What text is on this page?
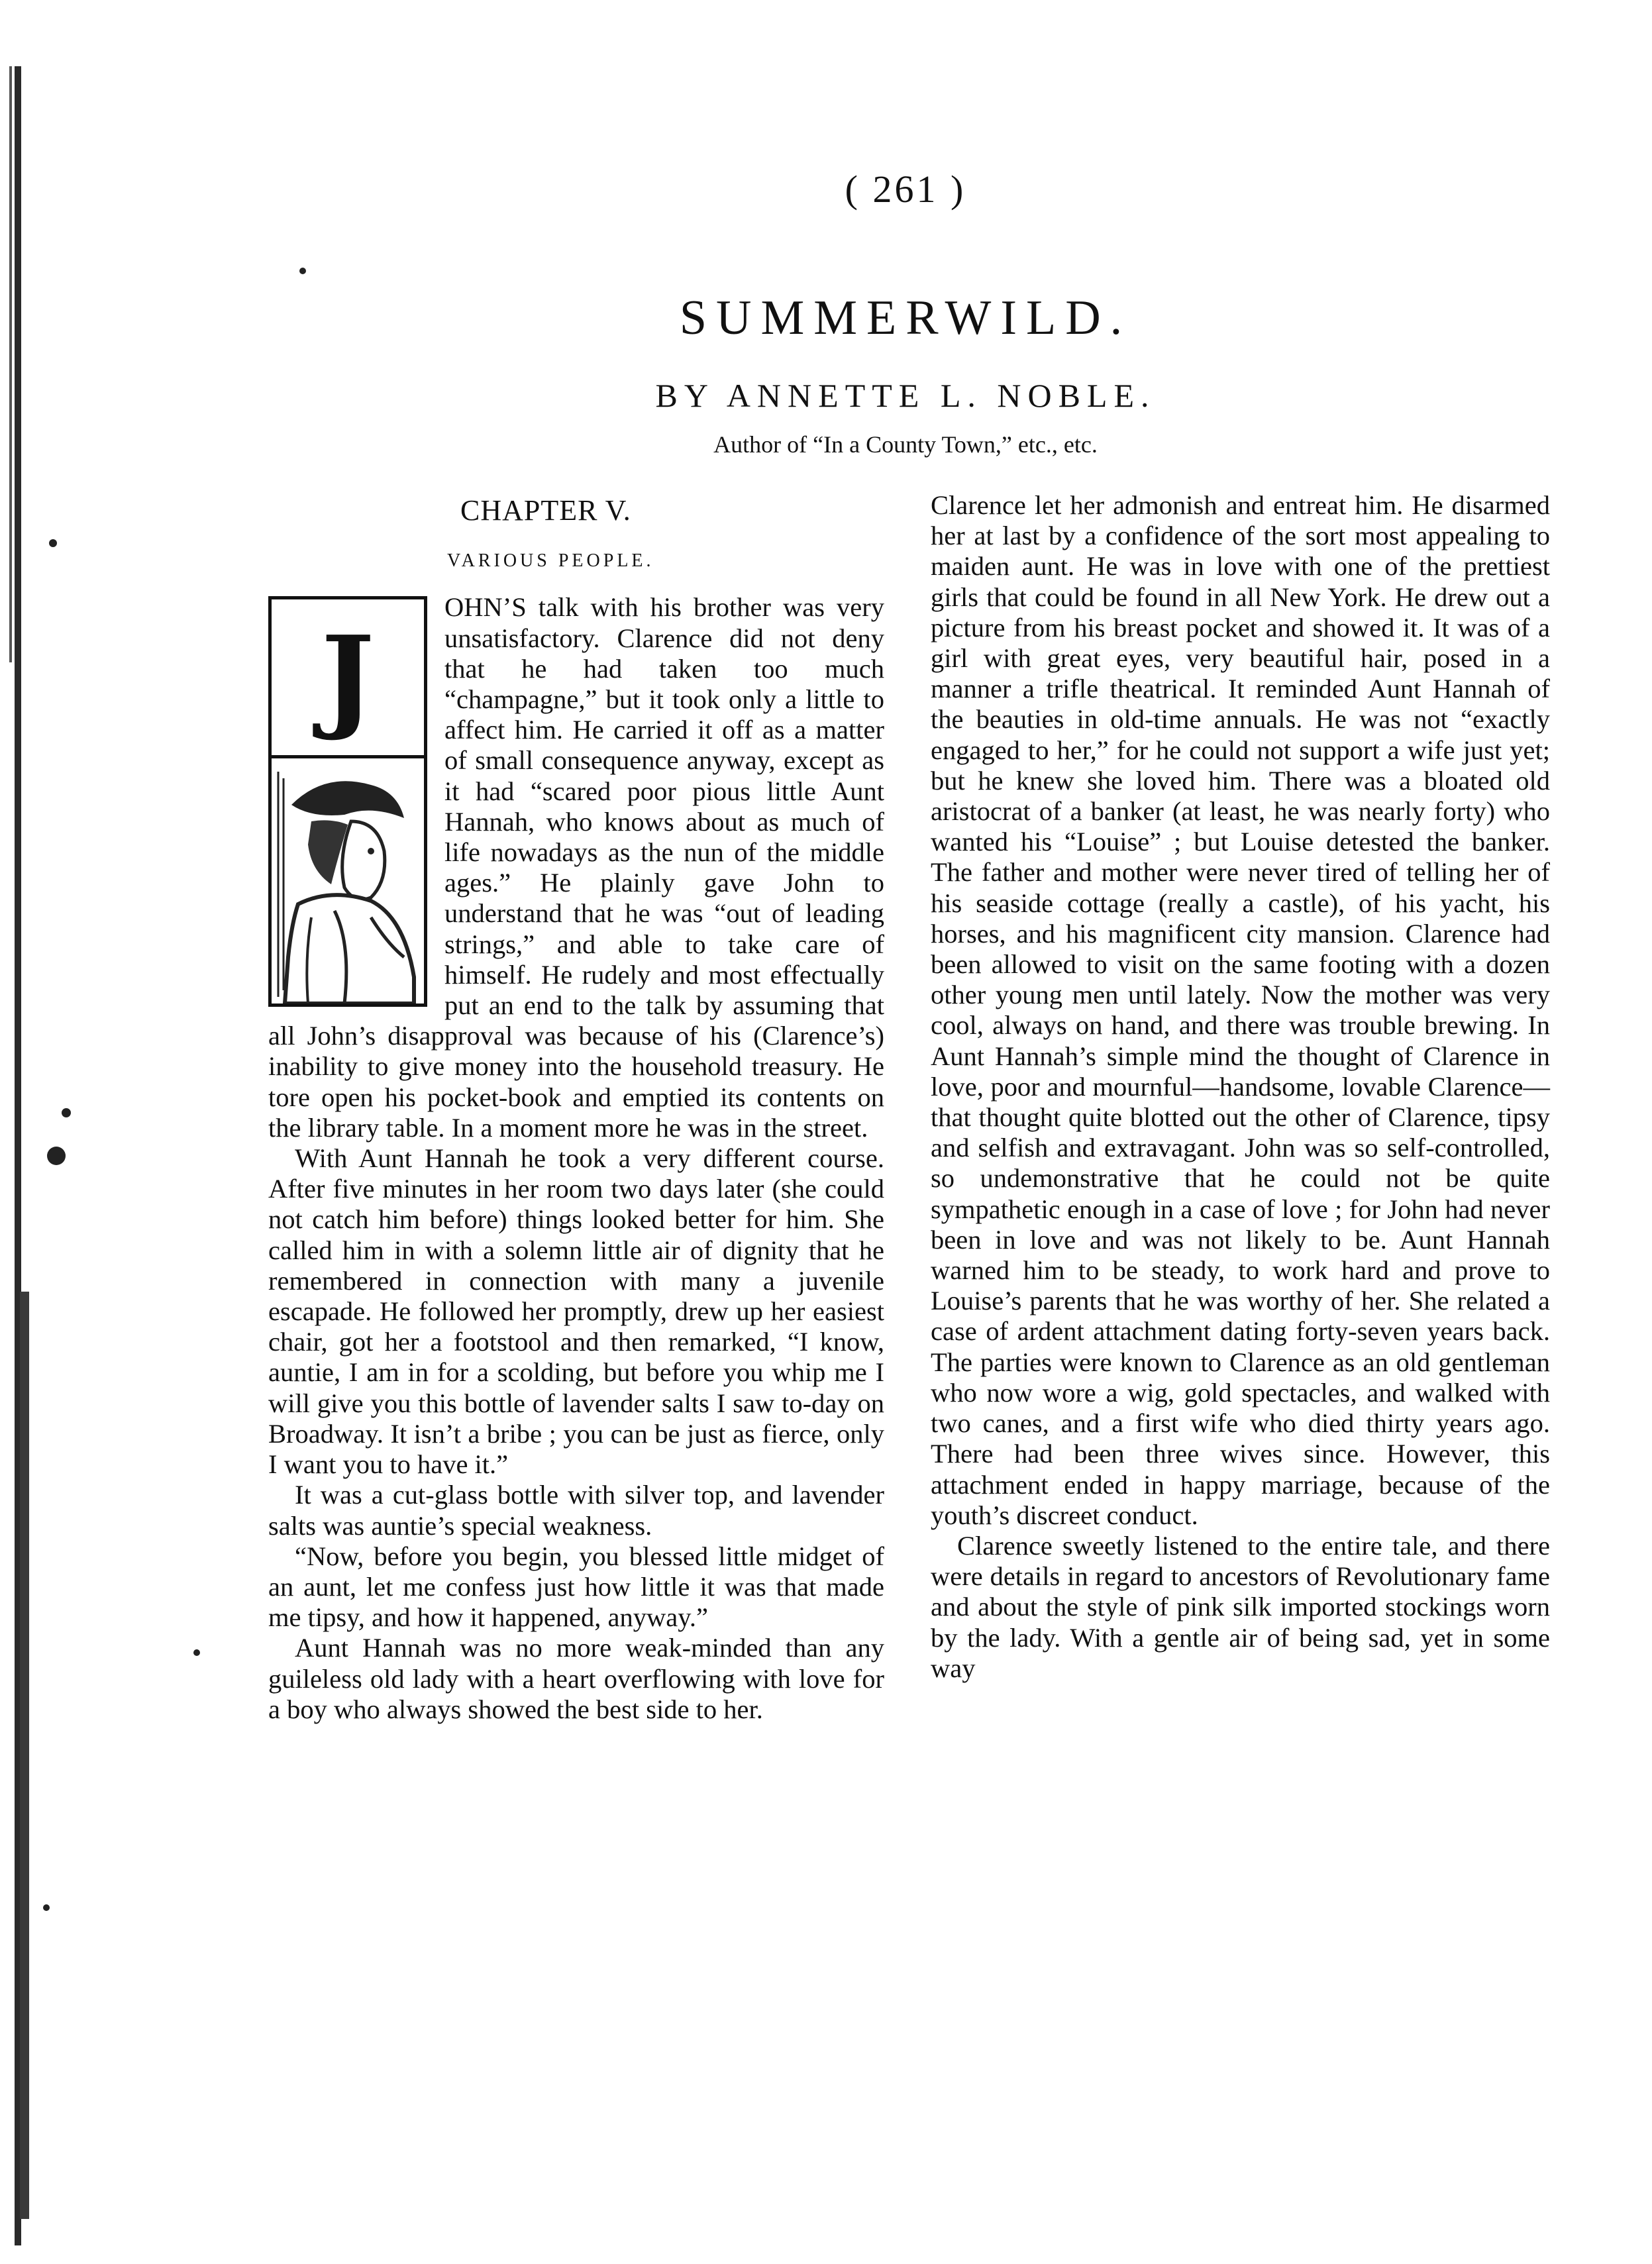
( 261 )
SUMMERWILD.
BY ANNETTE L. NOBLE.
Author of “In a County Town,” etc., etc.
CHAPTER V.
VARIOUS PEOPLE.
J

OHN’S talk with his brother was very unsatisfactory. Clarence did not deny that he had taken too much “champagne,” but it took only a little to affect him. He carried it off as a matter of small consequence anyway, except as it had “scared poor pious little Aunt Hannah, who knows about as much of life nowadays as the nun of the middle ages.” He plainly gave John to understand that he was “out of leading strings,” and able to take care of himself. He rudely and most effectually put an end to the talk by assuming that all John’s disapproval was because of his (Clarence’s) inability to give money into the household treasury. He tore open his pocket-book and emptied its contents on the library table. In a moment more he was in the street.

With Aunt Hannah he took a very different course. After five minutes in her room two days later (she could not catch him before) things looked better for him. She called him in with a solemn little air of dignity that he remembered in connection with many a juvenile escapade. He followed her promptly, drew up her easiest chair, got her a footstool and then remarked, “I know, auntie, I am in for a scolding, but before you whip me I will give you this bottle of lavender salts I saw to-day on Broadway. It isn’t a bribe ; you can be just as fierce, only I want you to have it.”

It was a cut-glass bottle with silver top, and lavender salts was auntie’s special weakness.

“Now, before you begin, you blessed little midget of an aunt, let me confess just how little it was that made me tipsy, and how it happened, anyway.”

Aunt Hannah was no more weak-minded than any guileless old lady with a heart overflowing with love for a boy who always showed the best side to her.

Clarence let her admonish and entreat him. He disarmed her at last by a confidence of the sort most appealing to maiden aunt. He was in love with one of the prettiest girls that could be found in all New York. He drew out a picture from his breast pocket and showed it. It was of a girl with great eyes, very beautiful hair, posed in a manner a trifle theatrical. It reminded Aunt Hannah of the beauties in old-time annuals. He was not “exactly engaged to her,” for he could not support a wife just yet; but he knew she loved him. There was a bloated old aristocrat of a banker (at least, he was nearly forty) who wanted his “Louise” ; but Louise detested the banker. The father and mother were never tired of telling her of his seaside cottage (really a castle), of his yacht, his horses, and his magnificent city mansion. Clarence had been allowed to visit on the same footing with a dozen other young men until lately. Now the mother was very cool, always on hand, and there was trouble brewing. In Aunt Hannah’s simple mind the thought of Clarence in love, poor and mournful—handsome, lovable Clarence—that thought quite blotted out the other of Clarence, tipsy and selfish and extravagant. John was so self-controlled, so undemonstrative that he could not be quite sympathetic enough in a case of love ; for John had never been in love and was not likely to be. Aunt Hannah warned him to be steady, to work hard and prove to Louise’s parents that he was worthy of her. She related a case of ardent attachment dating forty-seven years back. The parties were known to Clarence as an old gentleman who now wore a wig, gold spectacles, and walked with two canes, and a first wife who died thirty years ago. There had been three wives since. However, this attachment ended in happy marriage, because of the youth’s discreet conduct.

Clarence sweetly listened to the entire tale, and there were details in regard to ancestors of Revolutionary fame and about the style of pink silk imported stockings worn by the lady. With a gentle air of being sad, yet in some way
